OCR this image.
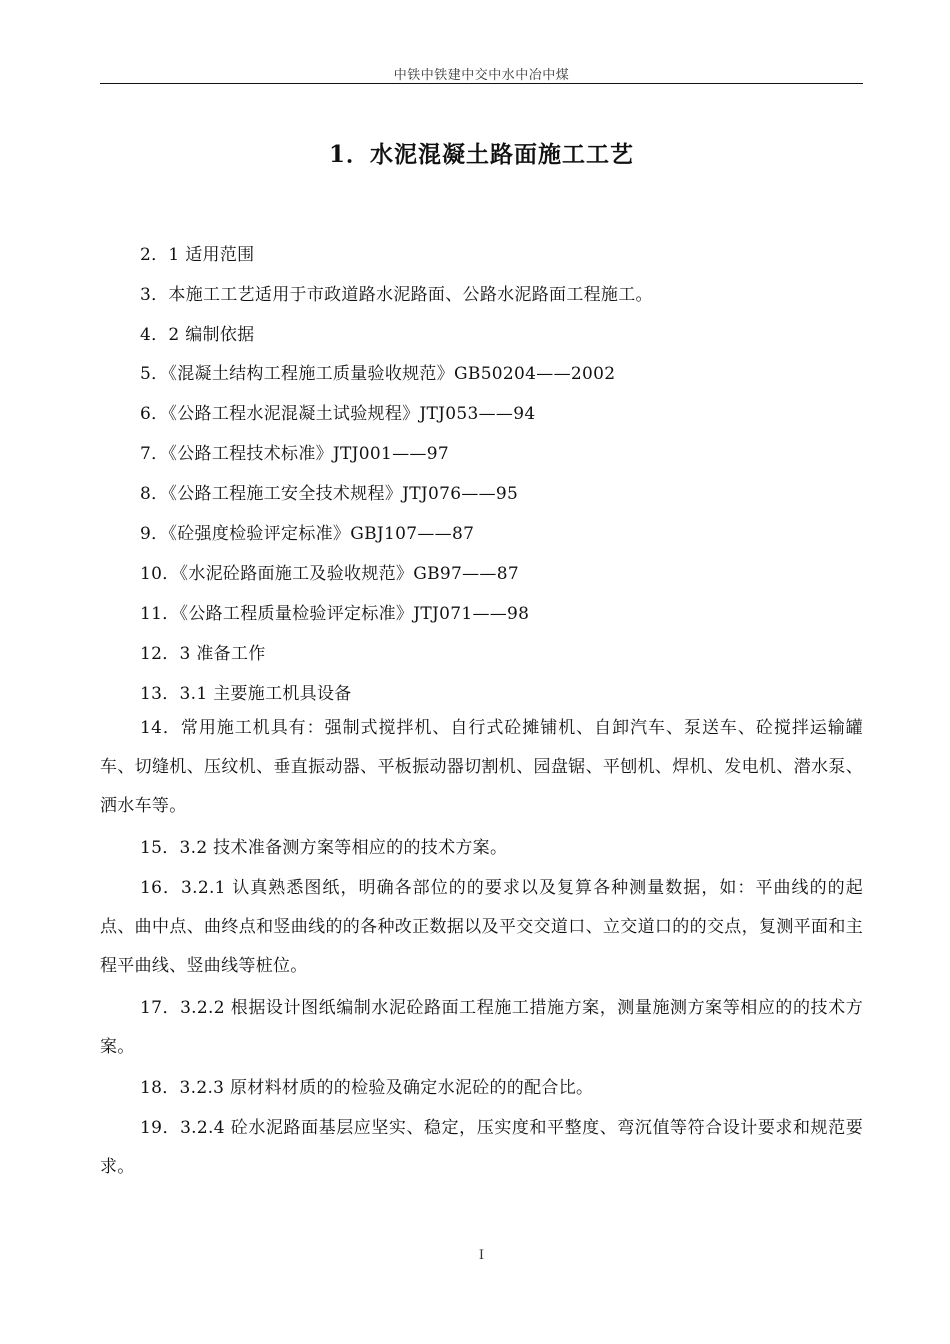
中铁中铁建中交中水中冶中煤
1．水泥混凝土路面施工工艺
2．1 适用范围
3．本施工工艺适用于市政道路水泥路面、公路水泥路面工程施工。
4．2 编制依据
5．《混凝土结构工程施工质量验收规范》GB50204——2002
6．《公路工程水泥混凝土试验规程》JTJ053——94
7．《公路工程技术标准》JTJ001——97
8．《公路工程施工安全技术规程》JTJ076——95
9．《砼强度检验评定标准》GBJ107——87
10．《水泥砼路面施工及验收规范》GB97——87
11．《公路工程质量检验评定标准》JTJ071——98
12．3 准备工作
13．3.1 主要施工机具设备
14．常用施工机具有：强制式搅拌机、自行式砼摊铺机、自卸汽车、泵送车、砼搅拌运输罐车、切缝机、压纹机、垂直振动器、平板振动器切割机、园盘锯、平刨机、焊机、发电机、潜水泵、洒水车等。
15．3.2 技术准备测方案等相应的的技术方案。
16．3.2.1 认真熟悉图纸，明确各部位的的要求以及复算各种测量数据，如：平曲线的的起点、曲中点、曲终点和竖曲线的的各种改正数据以及平交交道口、立交道口的的交点，复测平面和主程平曲线、竖曲线等桩位。
17．3.2.2 根据设计图纸编制水泥砼路面工程施工措施方案，测量施测方案等相应的的技术方案。
18．3.2.3 原材料材质的的检验及确定水泥砼的的配合比。
19．3.2.4 砼水泥路面基层应坚实、稳定，压实度和平整度、弯沉值等符合设计要求和规范要求。
I
